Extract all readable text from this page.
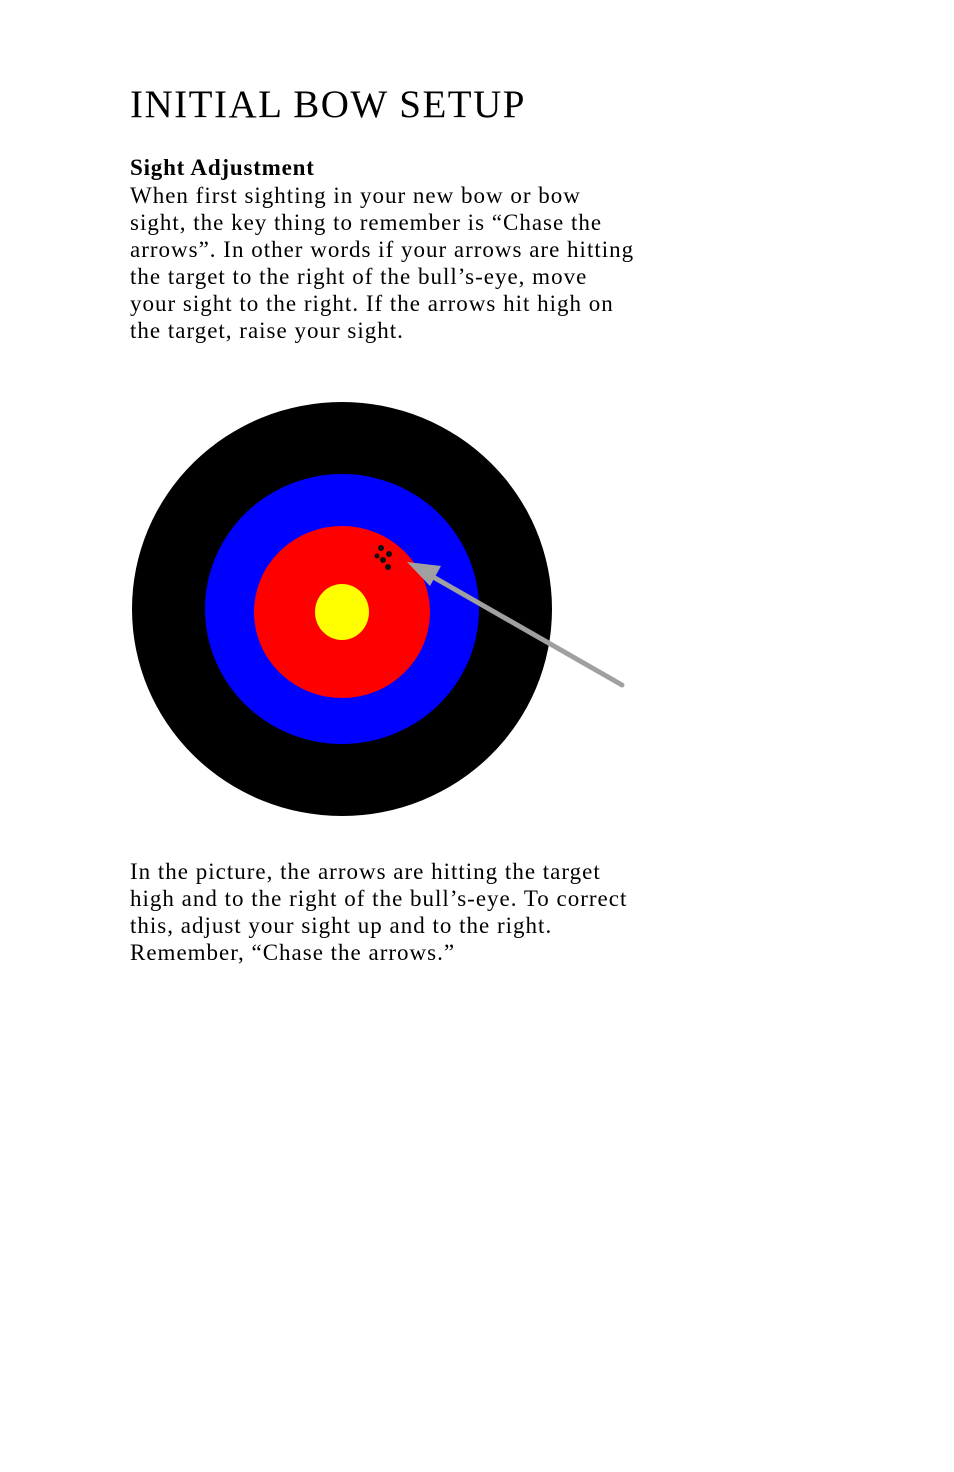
INITIAL BOW SETUP
Sight Adjustment

When first sighting in your new bow or bow
sight, the key thing to remember is “Chase the
arrows”. In other words if your arrows are hitting
the target to the right of the bull’s-eye, move
your sight to the right. If the arrows hit high on
the target, raise your sight.

In the picture, the arrows are hitting the target
high and to the right of the bull’s-eye. To correct
this, adjust your sight up and to the right.
Remember, “Chase the arrows.”
